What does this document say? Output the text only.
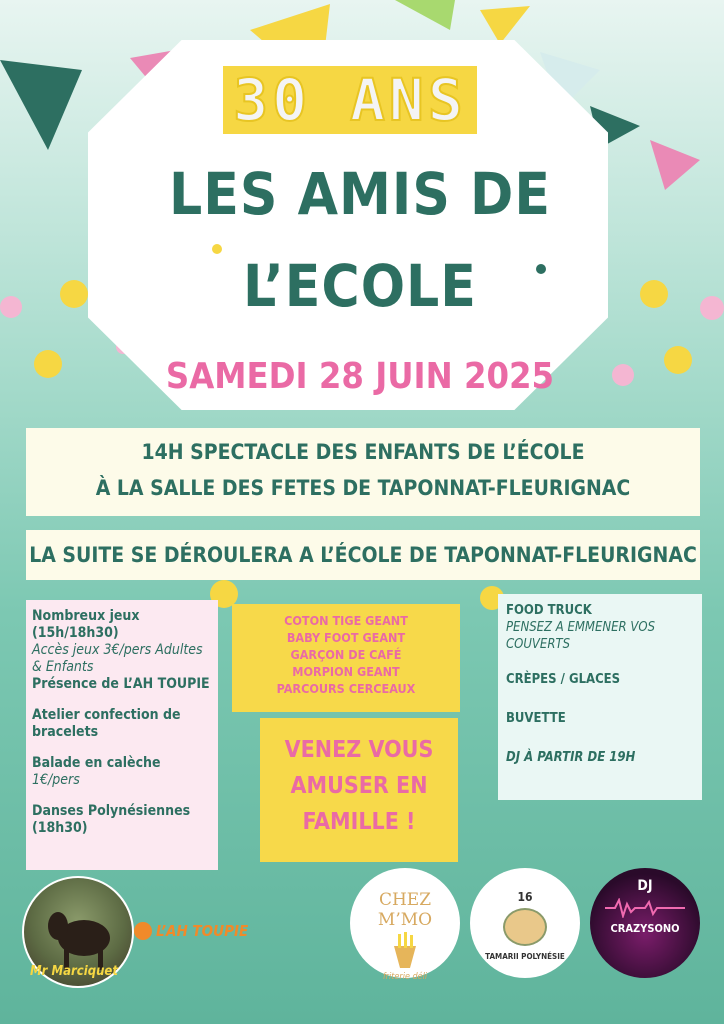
30 ANS
LES AMIS DE
L’ECOLE
SAMEDI 28 JUIN 2025
14H SPECTACLE DES ENFANTS DE L’ÉCOLE
À LA SALLE DES FETES DE TAPONNAT-FLEURIGNAC
LA SUITE SE DÉROULERA A L’ÉCOLE DE TAPONNAT-FLEURIGNAC

Nombreux jeux
(15h/18h30)
Accès jeux 3€/pers Adultes & Enfants
Présence de L’AH TOUPIE

Atelier confection de bracelets

Balade en calèche 1€/pers

Danses Polynésiennes (18h30)

COTON TIGE GEANT
BABY FOOT GEANT
GARÇON DE CAFÉ
MORPION GEANT
PARCOURS CERCEAUX
VENEZ VOUS
AMUSER EN
FAMILLE !
FOOD TRUCK
PENSEZ A EMMENER VOS COUVERTS
CRÈPES / GLACES
BUVETTE
DJ À PARTIR DE 19H
Mr Marciquet
L’AH TOUPIE
CHEZ M’MO
friterie déli
16
TAMARII POLYNÉSIE
DJ
CRAZYSONO
